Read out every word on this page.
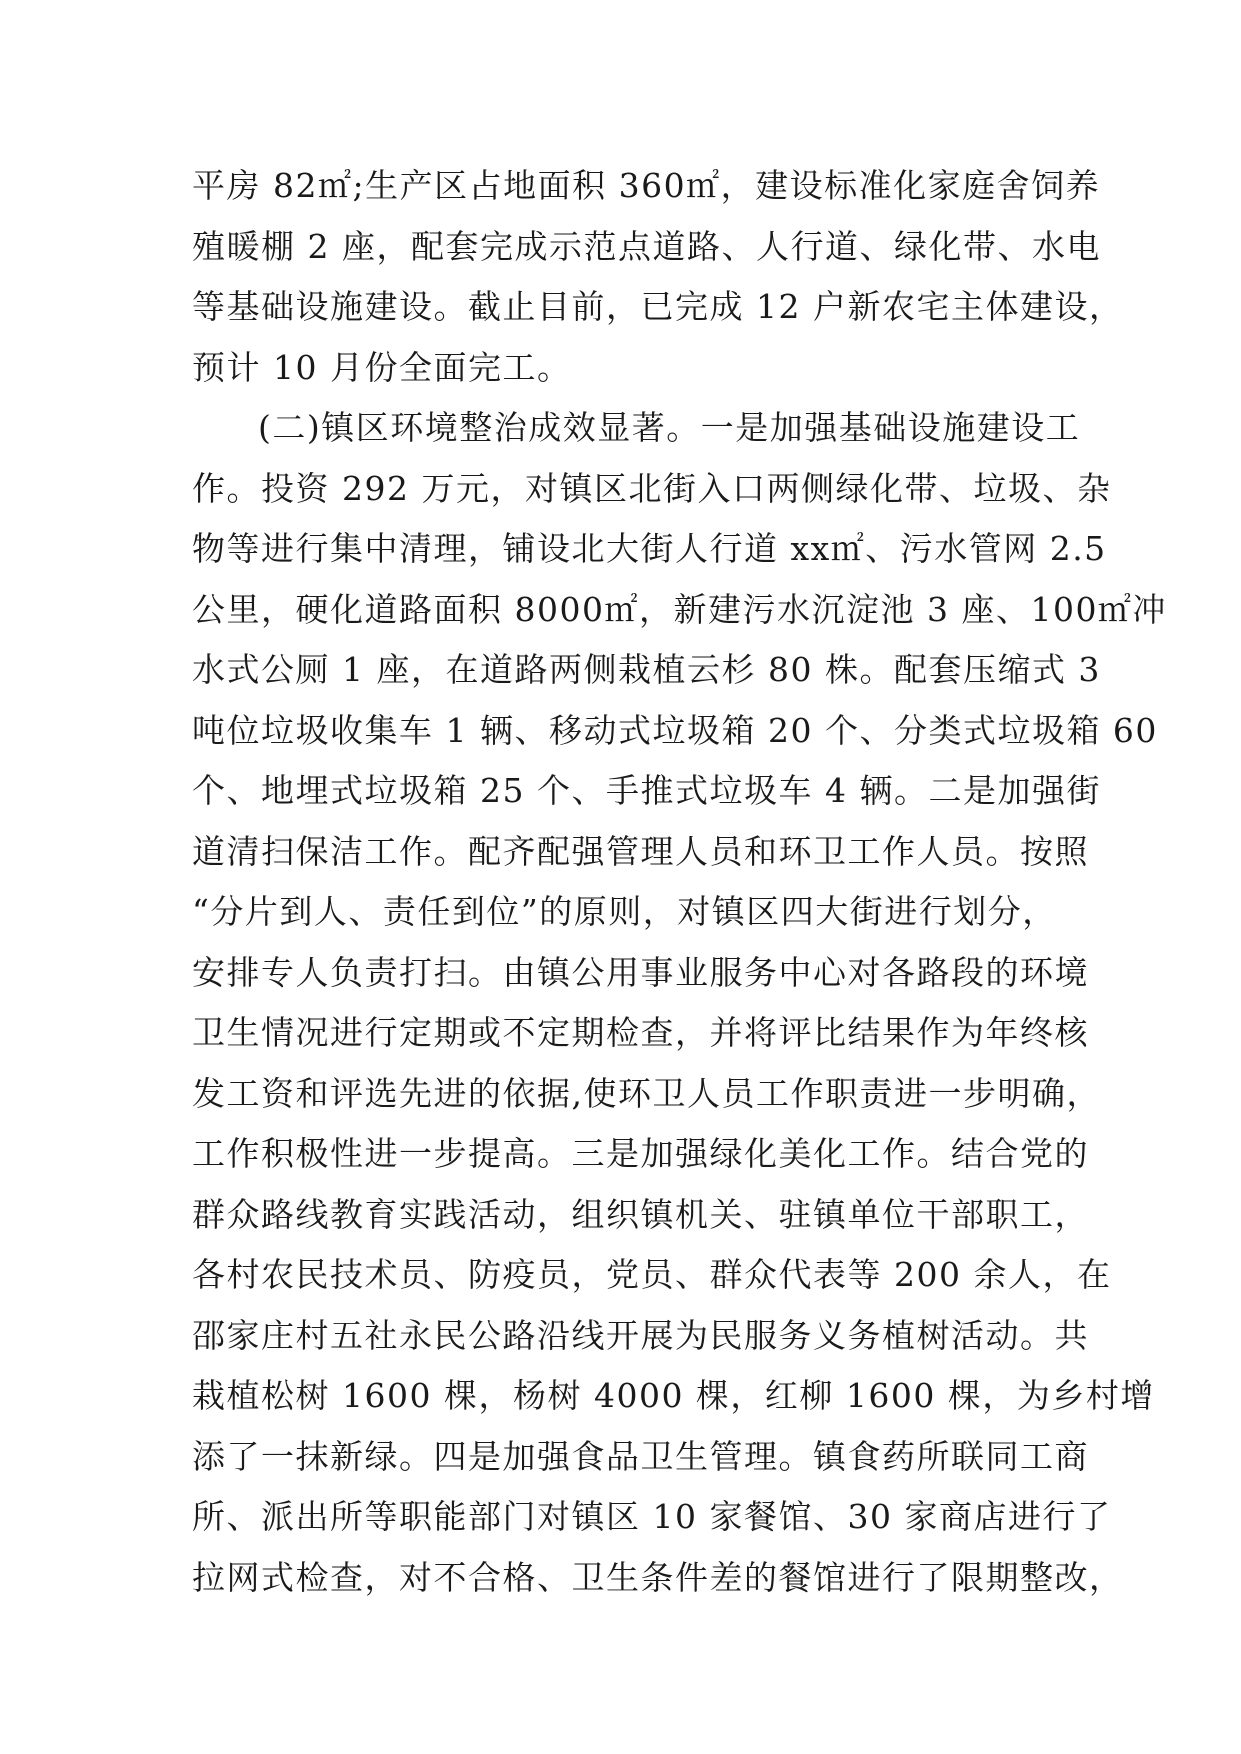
平房 82㎡;生产区占地面积 360㎡，建设标准化家庭舍饲养
殖暖棚 2 座，配套完成示范点道路、人行道、绿化带、水电
等基础设施建设。截止目前，已完成 12 户新农宅主体建设，
预计 10 月份全面完工。
(二)镇区环境整治成效显著。一是加强基础设施建设工
作。投资 292 万元，对镇区北街入口两侧绿化带、垃圾、杂
物等进行集中清理，铺设北大街人行道 xx㎡、污水管网 2.5
公里，硬化道路面积 8000㎡，新建污水沉淀池 3 座、100㎡冲
水式公厕 1 座，在道路两侧栽植云杉 80 株。配套压缩式 3
吨位垃圾收集车 1 辆、移动式垃圾箱 20 个、分类式垃圾箱 60
个、地埋式垃圾箱 25 个、手推式垃圾车 4 辆。二是加强街
道清扫保洁工作。配齐配强管理人员和环卫工作人员。按照
“分片到人、责任到位”的原则，对镇区四大街进行划分，
安排专人负责打扫。由镇公用事业服务中心对各路段的环境
卫生情况进行定期或不定期检查，并将评比结果作为年终核
发工资和评选先进的依据,使环卫人员工作职责进一步明确，
工作积极性进一步提高。三是加强绿化美化工作。结合党的
群众路线教育实践活动，组织镇机关、驻镇单位干部职工，
各村农民技术员、防疫员，党员、群众代表等 200 余人，在
邵家庄村五社永民公路沿线开展为民服务义务植树活动。共
栽植松树 1600 棵，杨树 4000 棵，红柳 1600 棵，为乡村增
添了一抹新绿。四是加强食品卫生管理。镇食药所联同工商
所、派出所等职能部门对镇区 10 家餐馆、30 家商店进行了
拉网式检查，对不合格、卫生条件差的餐馆进行了限期整改，
